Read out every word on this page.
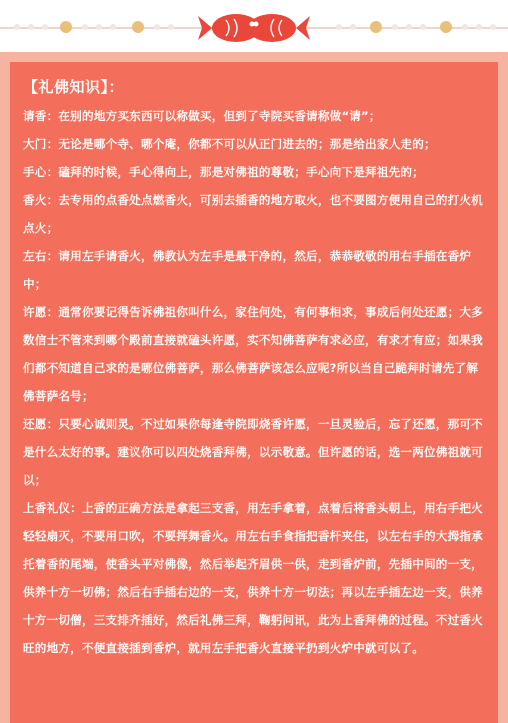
【礼佛知识】：

请香：在别的地方买东西可以称做买，但到了寺院买香请称做“请”；

大门：无论是哪个寺、哪个庵，你都不可以从正门进去的；那是给出家人走的；

手心：磕拜的时候，手心得向上，那是对佛祖的尊敬；手心向下是拜祖先的；

香火：去专用的点香处点燃香火，可别去插香的地方取火，也不要图方便用自己的打火机点火；

左右：请用左手请香火，佛教认为左手是最干净的，然后，恭恭敬敬的用右手插在香炉中；

许愿：通常你要记得告诉佛祖你叫什么，家住何处，有何事相求，事成后何处还愿；大多数信士不管来到哪个殿前直接就磕头许愿，实不知佛菩萨有求必应，有求才有应；如果我们都不知道自己求的是哪位佛菩萨，那么佛菩萨该怎么应呢?所以当自己跪拜时请先了解佛菩萨名号；

还愿：只要心诚则灵。不过如果你每逢寺院即烧香许愿，一旦灵验后，忘了还愿，那可不是什么太好的事。建议你可以四处烧香拜佛，以示敬意。但许愿的话，选一两位佛祖就可以；

上香礼仪：上香的正确方法是拿起三支香，用左手拿着，点着后将香头朝上，用右手把火轻轻扇灭，不要用口吹，不要挥舞香火。用左右手食指把香杆夹住，以左右手的大拇指承托着香的尾端，使香头平对佛像，然后举起齐眉供一供，走到香炉前，先插中间的一支，供养十方一切佛；然后右手插右边的一支，供养十方一切法；再以左手插左边一支，供养十方一切僧，三支排齐插好，然后礼佛三拜，鞠躬问讯，此为上香拜佛的过程。不过香火旺的地方，不便直接插到香炉，就用左手把香火直接平扔到火炉中就可以了。
